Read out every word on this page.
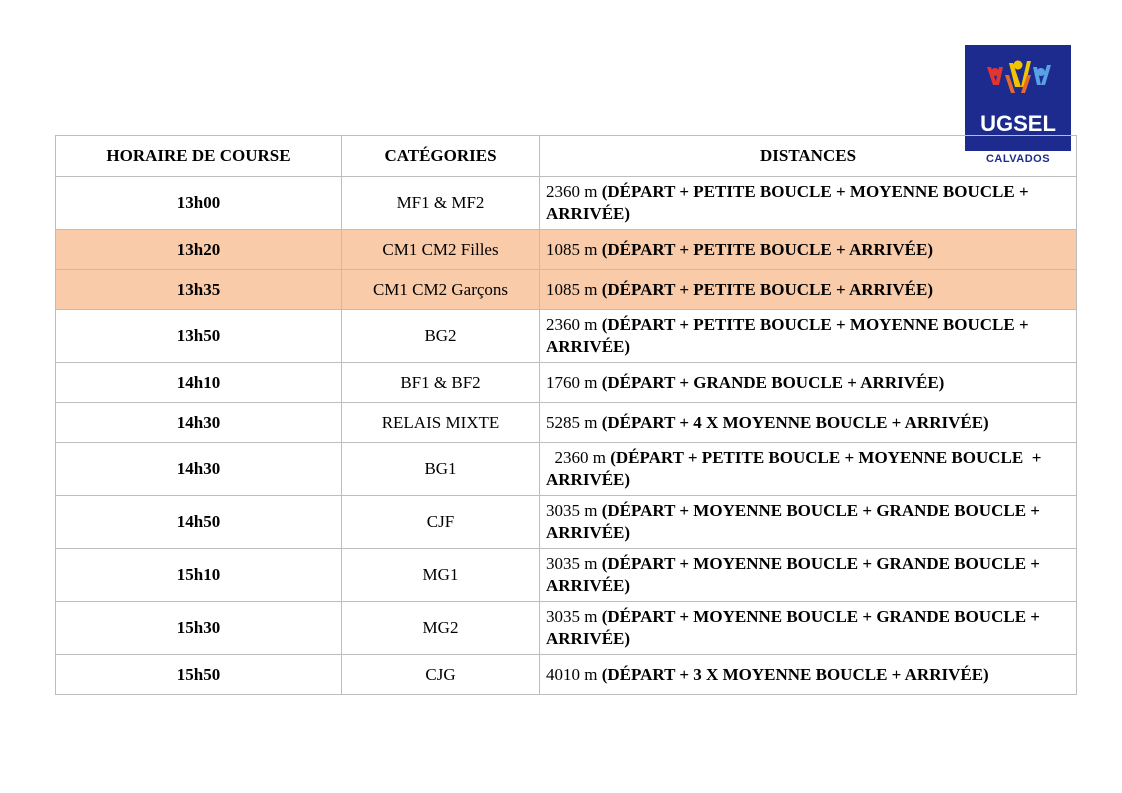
UGSEL
CALVADOS
HORAIRE DE COURSE	CATÉGORIES	DISTANCES
13h00	MF1 & MF2	2360 m (DÉPART + PETITE BOUCLE + MOYENNE BOUCLE + ARRIVÉE)
13h20	CM1 CM2 Filles	1085 m (DÉPART + PETITE BOUCLE + ARRIVÉE)
13h35	CM1 CM2 Garçons	1085 m (DÉPART + PETITE BOUCLE + ARRIVÉE)
13h50	BG2	2360 m (DÉPART + PETITE BOUCLE + MOYENNE BOUCLE + ARRIVÉE)
14h10	BF1 & BF2	1760 m (DÉPART + GRANDE BOUCLE + ARRIVÉE)
14h30	RELAIS MIXTE	5285 m (DÉPART + 4 X MOYENNE BOUCLE + ARRIVÉE)
14h30	BG1	2360 m (DÉPART + PETITE BOUCLE + MOYENNE BOUCLE  + ARRIVÉE)
14h50	CJF	3035 m (DÉPART + MOYENNE BOUCLE + GRANDE BOUCLE + ARRIVÉE)
15h10	MG1	3035 m (DÉPART + MOYENNE BOUCLE + GRANDE BOUCLE + ARRIVÉE)
15h30	MG2	3035 m (DÉPART + MOYENNE BOUCLE + GRANDE BOUCLE + ARRIVÉE)
15h50	CJG	4010 m (DÉPART + 3 X MOYENNE BOUCLE + ARRIVÉE)
